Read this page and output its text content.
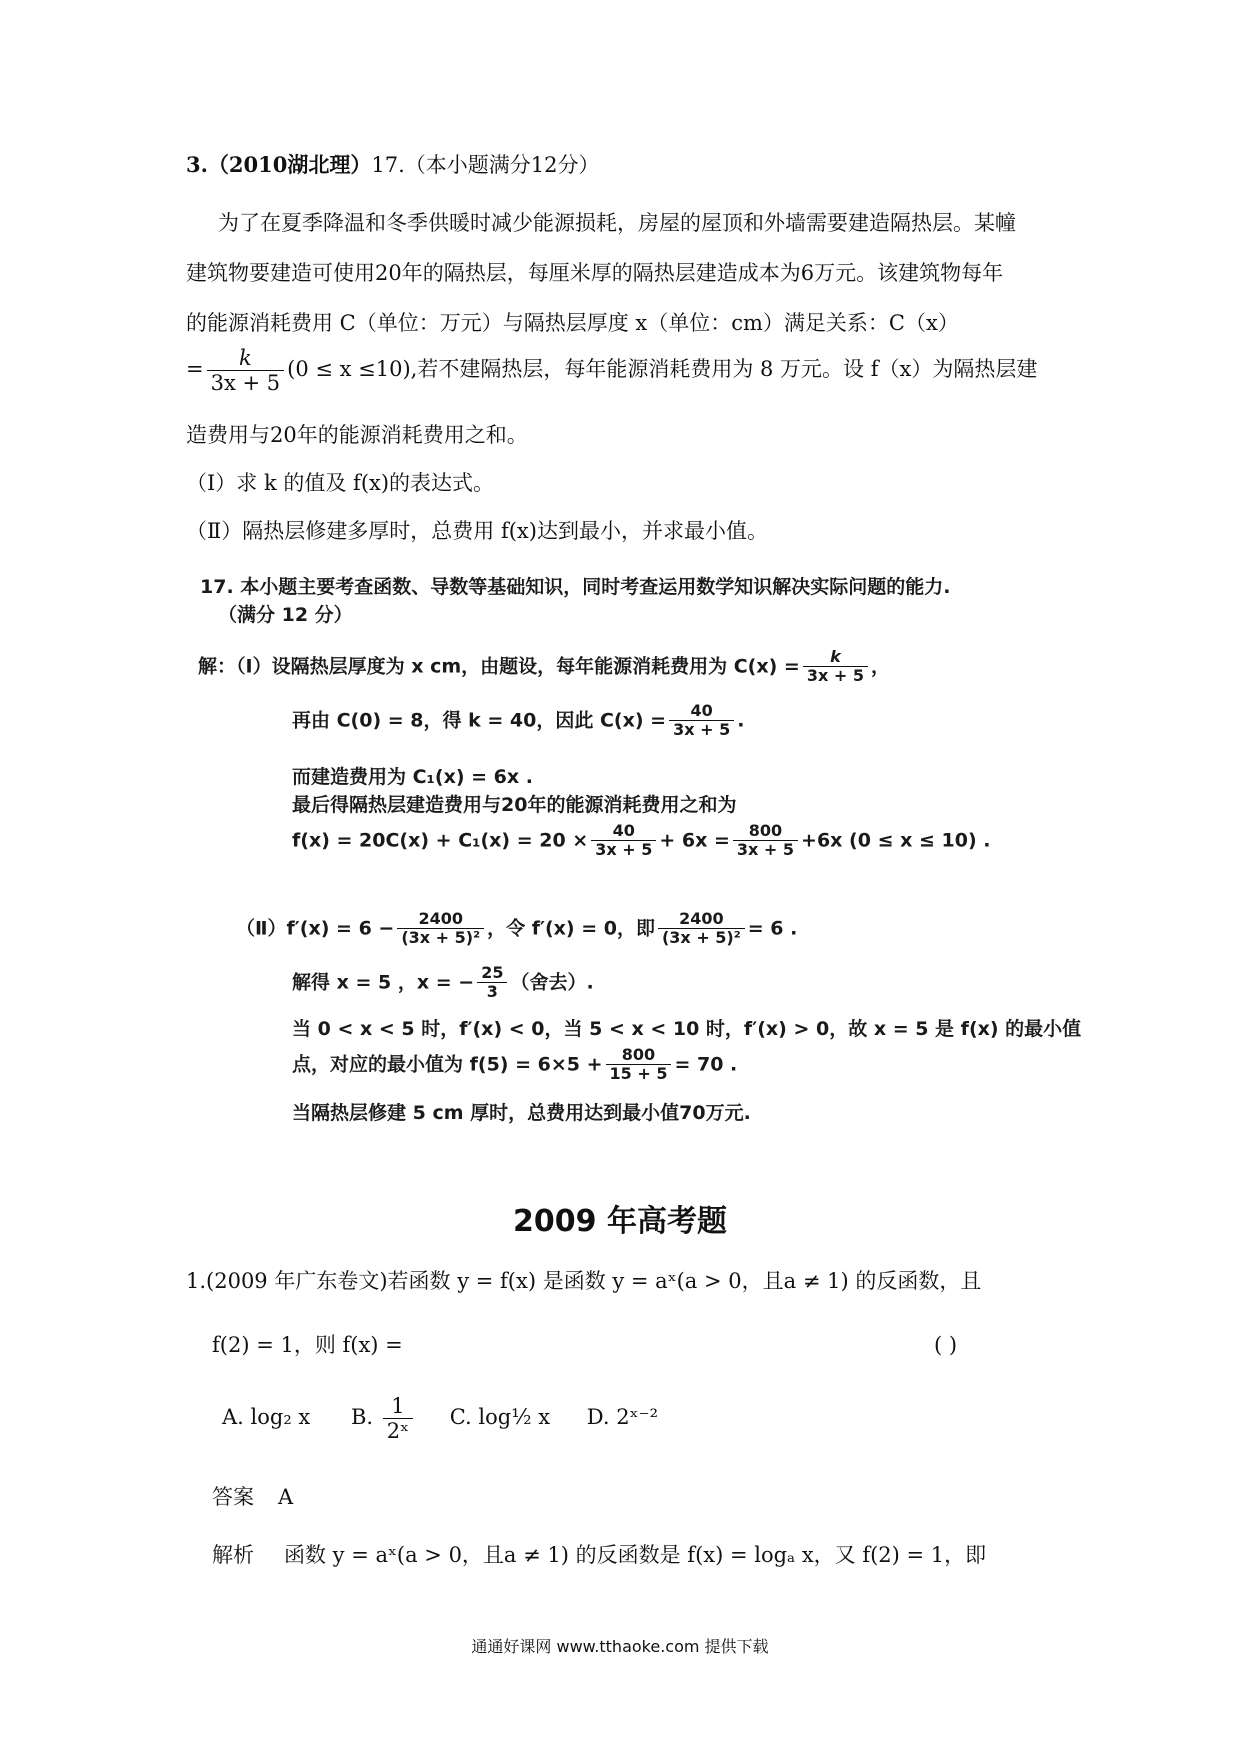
3.（2010湖北理）17.（本小题满分12分）
为了在夏季降温和冬季供暖时减少能源损耗，房屋的屋顶和外墙需要建造隔热层。某幢
建筑物要建造可使用20年的隔热层，每厘米厚的隔热层建造成本为6万元。该建筑物每年
的能源消耗费用 C（单位：万元）与隔热层厚度 x（单位：cm）满足关系：C（x）
= $\frac{k}{3x + 5} (0 \le x \le 10)$,若不建隔热层，每年能源消耗费用为 8 万元。设 f（x）为隔热层建
造费用与20年的能源消耗费用之和。
（Ⅰ）求 k 的值及 f(x)的表达式。
（Ⅱ）隔热层修建多厚时，总费用 f(x)达到最小，并求最小值。
17. 本小题主要考查函数、导数等基础知识，同时考查运用数学知识解决实际问题的能力.
（满分 12 分）
解：（Ⅰ）设隔热层厚度为 x cm，由题设，每年能源消耗费用为 $C(x) = \frac{k}{3x + 5}$ ，
再由 C(0) = 8，得 k = 40，因此 $C(x) = \frac{40}{3x + 5}$ .
而建造费用为 C₁(x) = 6x .
最后得隔热层建造费用与20年的能源消耗费用之和为
$f(x) = 20C(x) + C_1(x) = 20 \times \frac{40}{3x + 5} + 6x = \frac{800}{3x + 5} +6x$ (0 ≤ x ≤ 10) .
（Ⅱ）f′(x) = $6 - \frac{2400}{\text{(3x + 5)²}}$ ，令 f′(x) = 0，即 $\frac{2400}{\text{(3x + 5)²}} = 6$ .
解得 x = 5 ，x = − $\frac{25}{3}$ （舍去）.
当 0 < x < 5 时，f′(x) < 0，当 5 < x < 10 时，f′(x) > 0，故 x = 5 是 f(x) 的最小值
点，对应的最小值为 $f(5) = 6\times 5 + \frac{800}{15 + 5} = 70$ .
当隔热层修建 5 cm 厚时，总费用达到最小值70万元.
2009 年高考题
1.(2009 年广东卷文)若函数 y = f(x) 是函数 y = aˣ(a > 0，且a ≠ 1) 的反函数，且
f(2) = 1，则 f(x) =	( )
A. log₂ x B. $\frac{1}{\text{2ˣ}} C$. log½ x D. 2ˣ⁻²
答案 A
解析 函数 y = aˣ(a > 0，且a ≠ 1) 的反函数是 f(x) = logₐ x，又 f(2) = 1，即
通通好课网 www.tthaoke.com 提供下载
